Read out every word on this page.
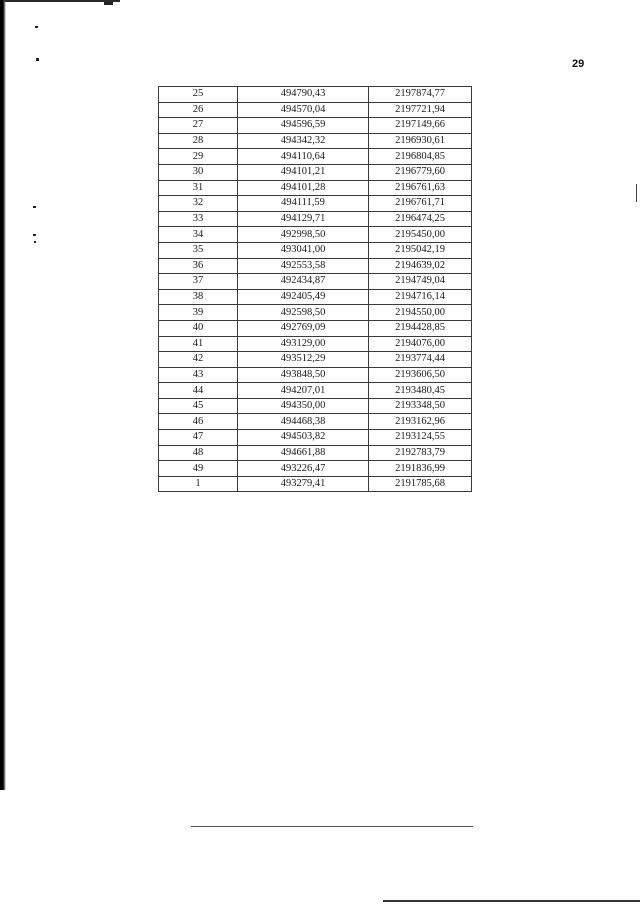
29
25	494790,43	2197874,77
26	494570,04	2197721,94
27	494596,59	2197149,66
28	494342,32	2196930,61
29	494110,64	2196804,85
30	494101,21	2196779,60
31	494101,28	2196761,63
32	494111,59	2196761,71
33	494129,71	2196474,25
34	492998,50	2195450,00
35	493041,00	2195042,19
36	492553,58	2194639,02
37	492434,87	2194749,04
38	492405,49	2194716,14
39	492598,50	2194550,00
40	492769,09	2194428,85
41	493129,00	2194076,00
42	493512,29	2193774,44
43	493848,50	2193606,50
44	494207,01	2193480,45
45	494350,00	2193348,50
46	494468,38	2193162,96
47	494503,82	2193124,55
48	494661,88	2192783,79
49	493226,47	2191836,99
1	493279,41	2191785,68
